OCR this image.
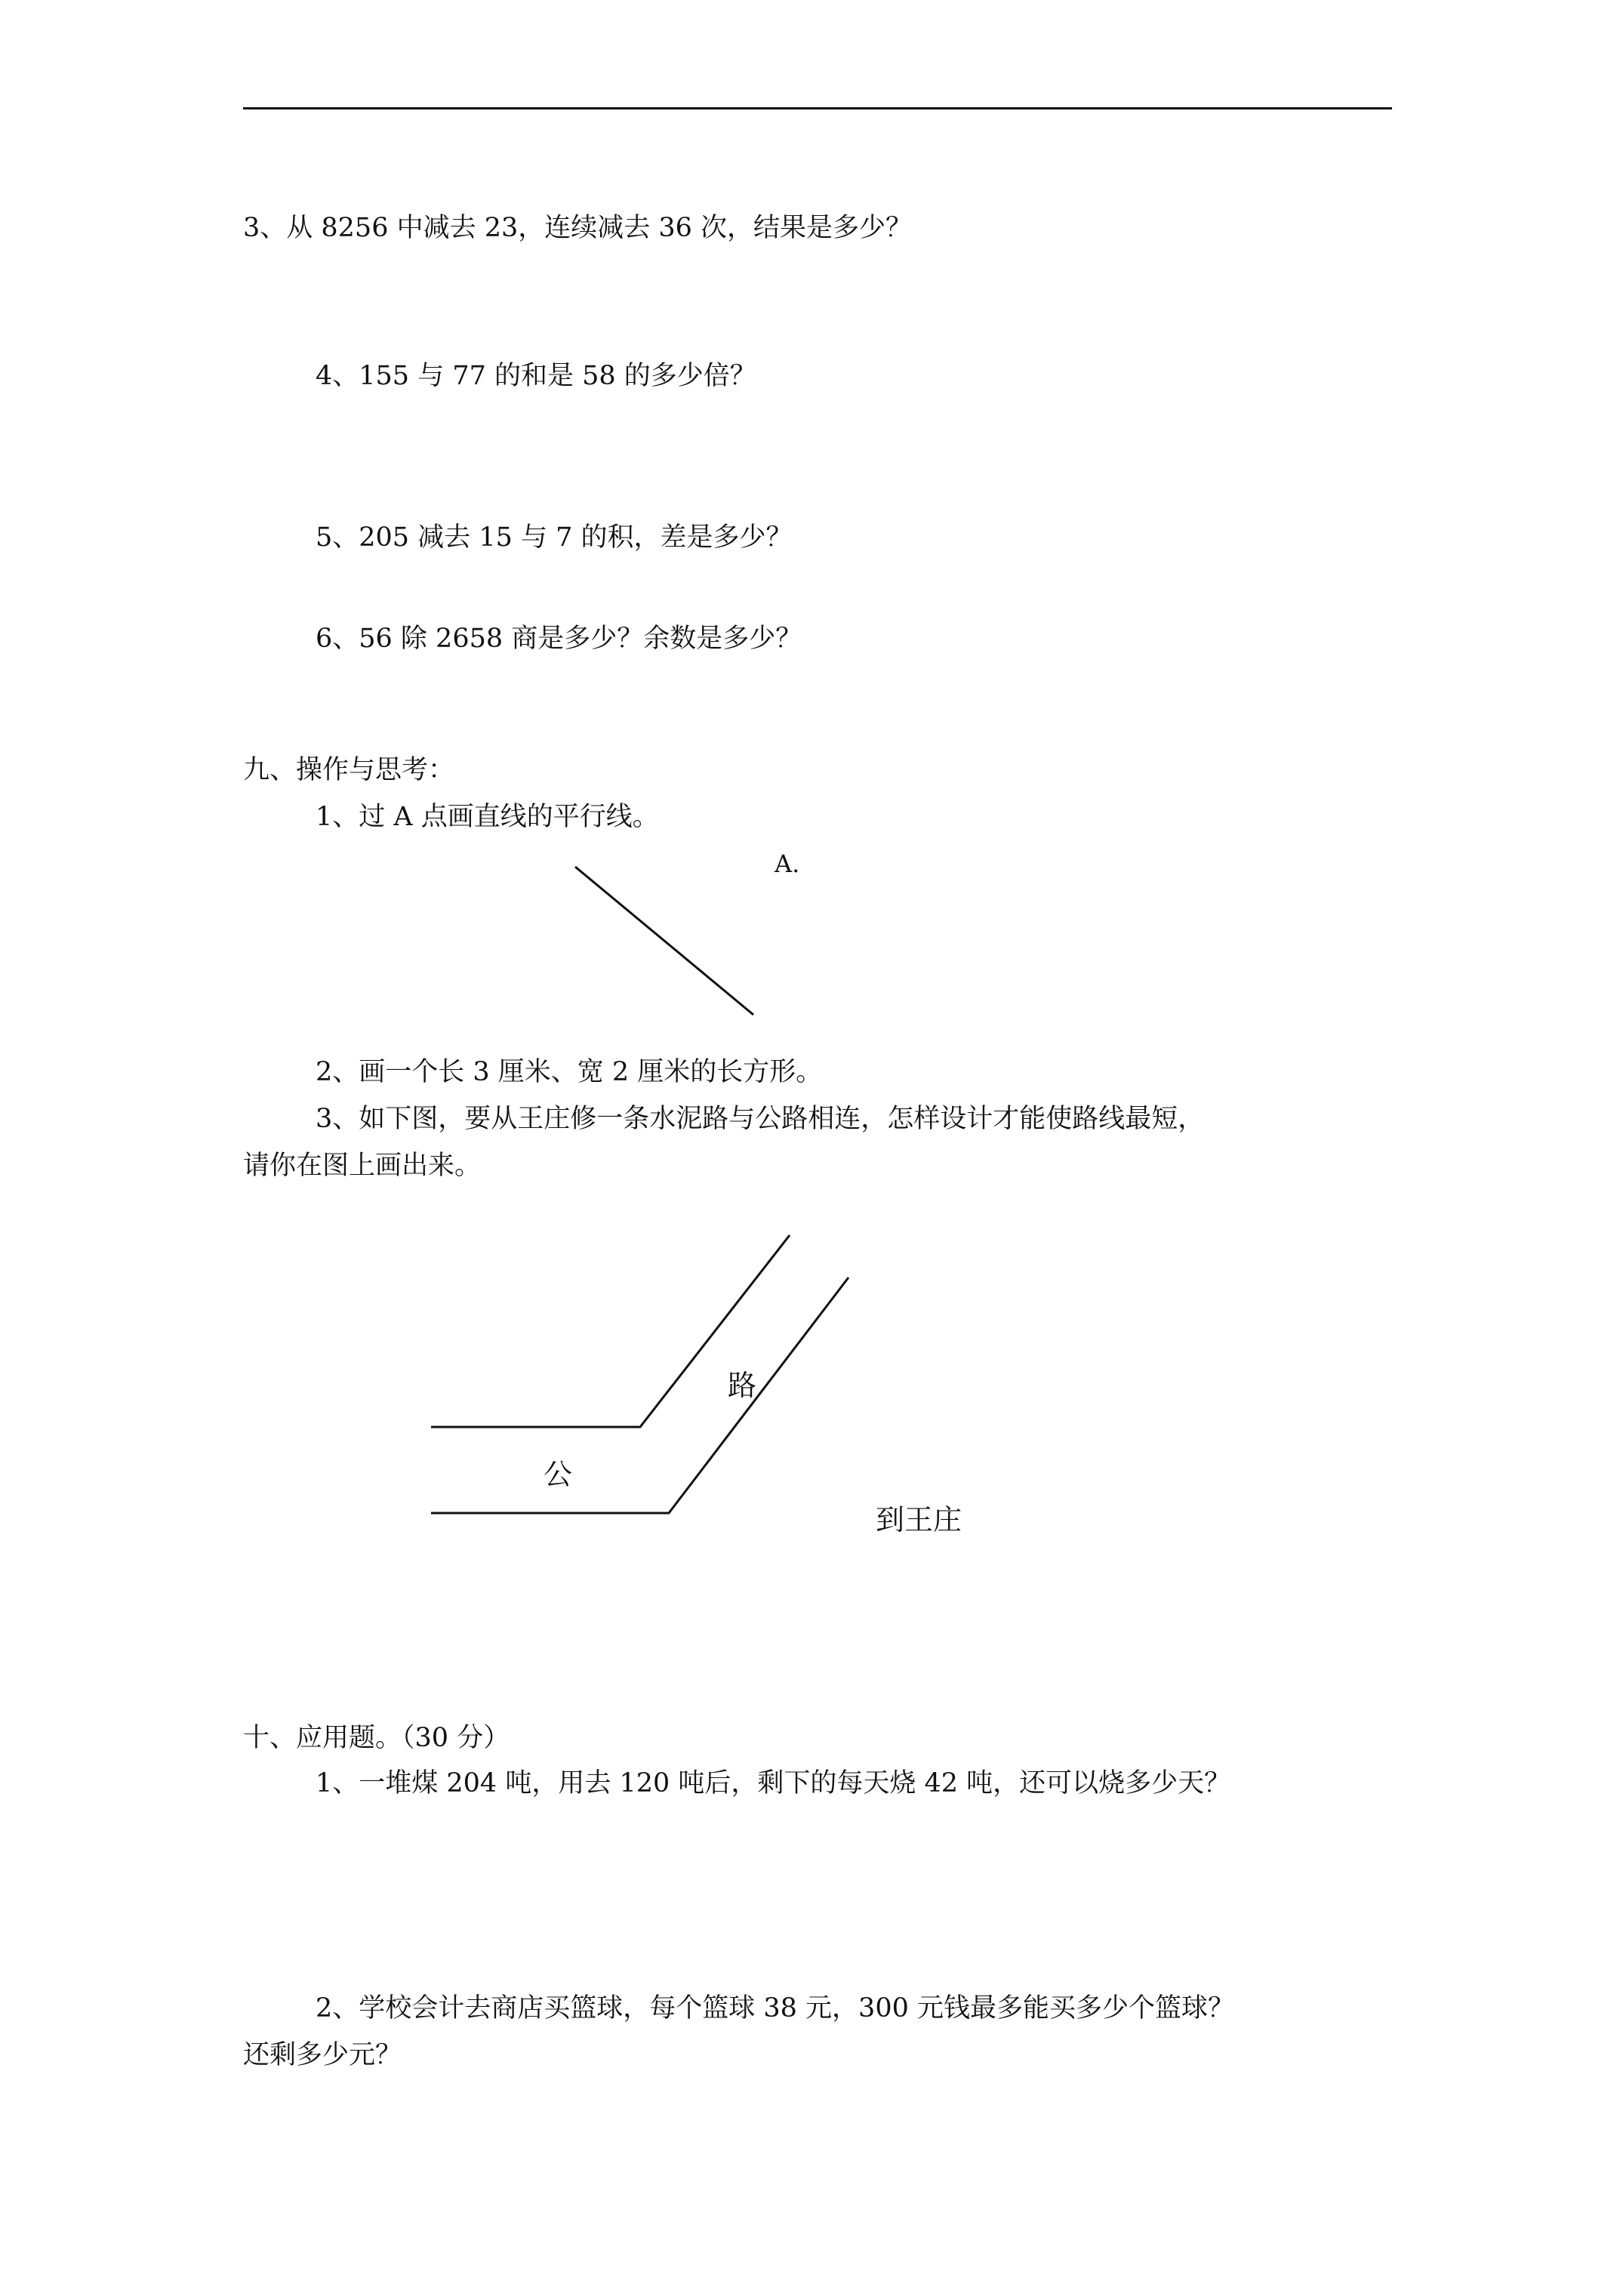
3、从 8256 中减去 23，连续减去 36 次，结果是多少？
4、155 与 77 的和是 58 的多少倍？
5、205 减去 15 与 7 的积，差是多少？
6、56 除 2658 商是多少？余数是多少？
九、操作与思考：
1、过 A 点画直线的平行线。
2、画一个长 3 厘米、宽 2 厘米的长方形。
3、如下图，要从王庄修一条水泥路与公路相连，怎样设计才能使路线最短，
请你在图上画出来。
A.
路
公
到王庄
十、应用题。（30 分）
1、一堆煤 204 吨，用去 120 吨后，剩下的每天烧 42 吨，还可以烧多少天？
2、学校会计去商店买篮球，每个篮球 38 元，300 元钱最多能买多少个篮球？
还剩多少元？
